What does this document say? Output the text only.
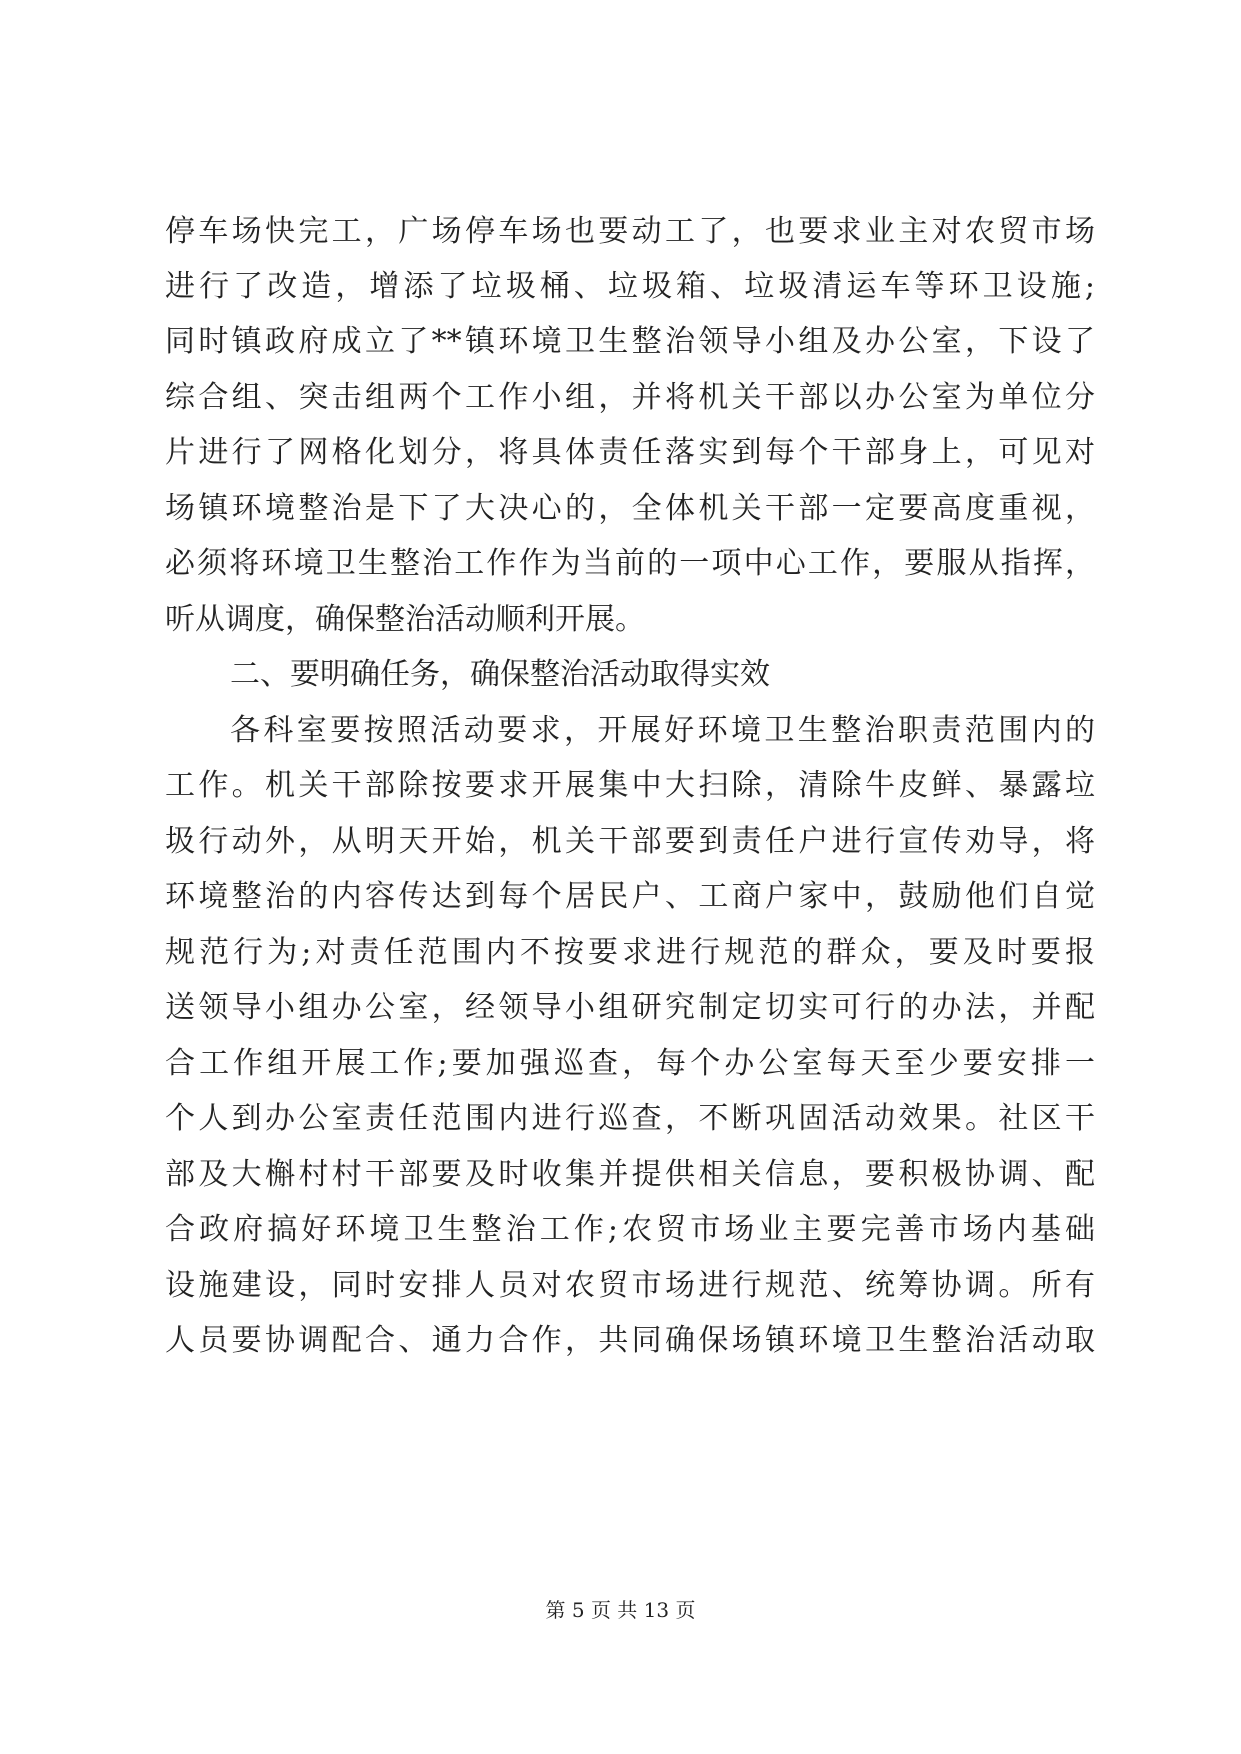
停车场快完工，广场停车场也要动工了，也要求业主对农贸市场
进行了改造，增添了垃圾桶、垃圾箱、垃圾清运车等环卫设施;
同时镇政府成立了**镇环境卫生整治领导小组及办公室，下设了
综合组、突击组两个工作小组，并将机关干部以办公室为单位分
片进行了网格化划分，将具体责任落实到每个干部身上，可见对
场镇环境整治是下了大决心的，全体机关干部一定要高度重视，
必须将环境卫生整治工作作为当前的一项中心工作，要服从指挥，
听从调度，确保整治活动顺利开展。
二、要明确任务，确保整治活动取得实效
各科室要按照活动要求，开展好环境卫生整治职责范围内的
工作。机关干部除按要求开展集中大扫除，清除牛皮鲜、暴露垃
圾行动外，从明天开始，机关干部要到责任户进行宣传劝导，将
环境整治的内容传达到每个居民户、工商户家中，鼓励他们自觉
规范行为;对责任范围内不按要求进行规范的群众，要及时要报
送领导小组办公室，经领导小组研究制定切实可行的办法，并配
合工作组开展工作;要加强巡查，每个办公室每天至少要安排一
个人到办公室责任范围内进行巡查，不断巩固活动效果。社区干
部及大槲村村干部要及时收集并提供相关信息，要积极协调、配
合政府搞好环境卫生整治工作;农贸市场业主要完善市场内基础
设施建设，同时安排人员对农贸市场进行规范、统筹协调。所有
人员要协调配合、通力合作，共同确保场镇环境卫生整治活动取
第 5 页 共 13 页
